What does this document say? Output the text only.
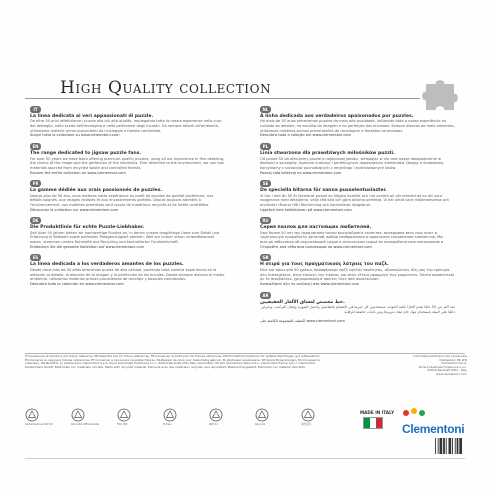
High Quality collection
IT
La linea dedicata ai veri appassionati di puzzle.
Da oltre 50 anni effettuiamo i puzzle alla più alta qualità, impiegando tutta la nostra esperienza nella cura del dettaglio, nella scelta dell'immagine e nella perfezione degli incastri. Da sempre attenti all'ambiente, utilizziamo materie prime provenienti da riciclaggio e foreste controllate.
Scopri tutta la collezione su www.clementoni.com
EN
The range dedicated to jigsaw puzzle fans.
For over 50 years we have been offering premium-quality puzzles, using all our experience in fine detailing, the choice of the image and the perfection of the interlocks. Ever attentive to the environment, we use raw materials sourced from recycled waste and controlled forests.
Explore the entire collection on www.clementoni.com
FR
La gamme dédiée aux vrais passionnés de puzzles.
Depuis plus de 50 ans, nous mettons notre expérience au profit de puzzles de qualité supérieure, aux détails soignés, aux images choisies et aux encastrements parfaits. Depuis toujours attentifs à l'environnement, nos matières premières sont issues de matériaux recyclés et de forêts contrôlées.
Découvrez la collection sur www.clementoni.com
DE
Die Produktlinie für echte Puzzle-Liebhaber.
Seit über 50 Jahren bieten wir hochwertige Puzzles an, in denen unsere langjährige Liebe zum Detail und Erfahrung in Bildwahl sowie perfekten Passgenauigkeit stecken. Weil wir immer schon umweltbewusst waren, stammen unsere Rohstoffe aus Recycling und kontrollierter Forstwirtschaft.
Entdecken Sie die gesamte Kollektion auf www.clementoni.com
ES
La línea dedicada a los verdaderos amantes de los puzzles.
Desde hace más de 50 años ofrecemos puzles de alta calidad, poniendo toda nuestra experiencia en la atención al detalle, la elección de la imagen y la perfección de los encajes. Desde siempre atentos al medio ambiente, utilizamos materias primas procedentes de reciclaje y bosques controlados.
Descubre toda la colección en www.clementoni.com
NL
A linha dedicada aos verdadeiros apaixonados por puzzles.
Há mais de 50 anos oferecemos puzzles da mais alta qualidade, utilizando toda a nossa experiência no cuidado ao detalhe, na escolha da imagem e na perfeição dos encaixes. Sempre atentos ao meio ambiente, utilizamos matérias-primas provenientes de reciclagem e florestas controladas.
Descubra toda a coleção em www.clementoni.com
PL
Linia stworzona dla prawdziwych miłośników puzzli.
Od ponad 50 lat oferujemy puzzle o najwyższej jakości, wkładając w nie całe nasze doświadczenie w dbałości o szczegóły, wyborze ilustracji i perfekcyjnym dopasowaniu elementów. Dbając o środowisko, korzystamy z surowców pochodzących z recyklingu i kontrolowanych lasów.
Poznaj całą kolekcję na www.clementoni.com
SE
De speciella bitarna för sanna pusselentusiaster.
Vi har i mer än 50 år levererat pussel av högsta kvalitet och har använt all vår erfarenhet av att vara noggranna med detaljerna, välja rätt bild och göra bitarna perfekta. Vi har alltid varit miljömedvetna och använder råvaror från återvinning och kontrollerat skogsbruk.
Upptäck hela kollektionen på www.clementoni.com
RU
Серия пазлов для настоящих любителей.
Уже более 50 лет мы предлагаем пазлы высочайшего качества, вкладывая весь наш опыт в тщательную проработку деталей, выбор изображения и идеальное соединение элементов. Мы всегда заботимся об окружающей среде и используем сырьё из переработанных материалов и
Откройте для себя всю коллекцию на www.clementoni.com
GR
Η σειρά για τους πραγματικούς λάτρεις του παζλ.
Εδώ και πάνω από 50 χρόνια, προσφέρουμε παζλ υψηλής ποιότητας, αξιοποιώντας όλη μας την εμπειρία στη λεπτομέρεια, στην επιλογή της εικόνας και στην τέλεια εφαρμογή των κομματιών. Πάντα προσεκτικοί με το περιβάλλον, χρησιμοποιούμε πρώτες ύλες από ανακύκλωση.
Ανακαλύψτε όλη τη συλλογή στο www.clementoni.com
AR
خط مخصص لعشاق الألغاز الحقيقيين.
منذ أكثر من 50 عامًا نقدم ألغازًا عالية الجودة، مستخدمين كل خبرتنا في الاهتمام بالتفاصيل واختيار الصورة وإتقان التركيب. ونحرص دائمًا على البيئة باستخدام مواد خام معاد تدويرها ومن غابات خاضعة للرقابة.
اكتشف المجموعة الكاملة على www.clementoni.com
IT-Conservare le istruzioni per future referenze. EN-Keep the box for future references. FR-Conserver la boîte pour de futures références. DE-Produktinformationen für spätere Nachfragen gut aufbewahren. ES-Conserve la caja para futuras referencias. PT-Conservar a caixa para consultas futuras. NL-Bewaar de doos voor toekomstig gebruik. PL-Zachować opakowanie. SE-Spara förpackningen. RU-Сохраните упаковку. GR-Φυλάξτε τη συσκευασία. Clementoni S.p.A. Zona Industriale Fontenoce s.n.c. 62019 Recanati (MC) Italy. Clementoni UK Ltd. Clementoni Iberica S.L. Clementoni France S.a.r.l. Clementoni Deutschland GmbH. Fabbricato con materiale riciclato. Made with recycled material. Fabriqué avec des matériaux recyclés. Aus recyceltem Material hergestellt. Fabricado con material reciclado.
Informazioni/istruzioni da conservare
Clementoni HK LTD
Clementoni S.p.A.
Zona Industriale Fontenoce s.n.c.
62019 Recanati (MC) - Italy
www.clementoni.com
Carta/Cartone PAP 20	Raccolta differenziata	FSC MIX	Triman	PAP 21	Recycle	请勿丢弃
MADE IN ITALY
Clementoni
